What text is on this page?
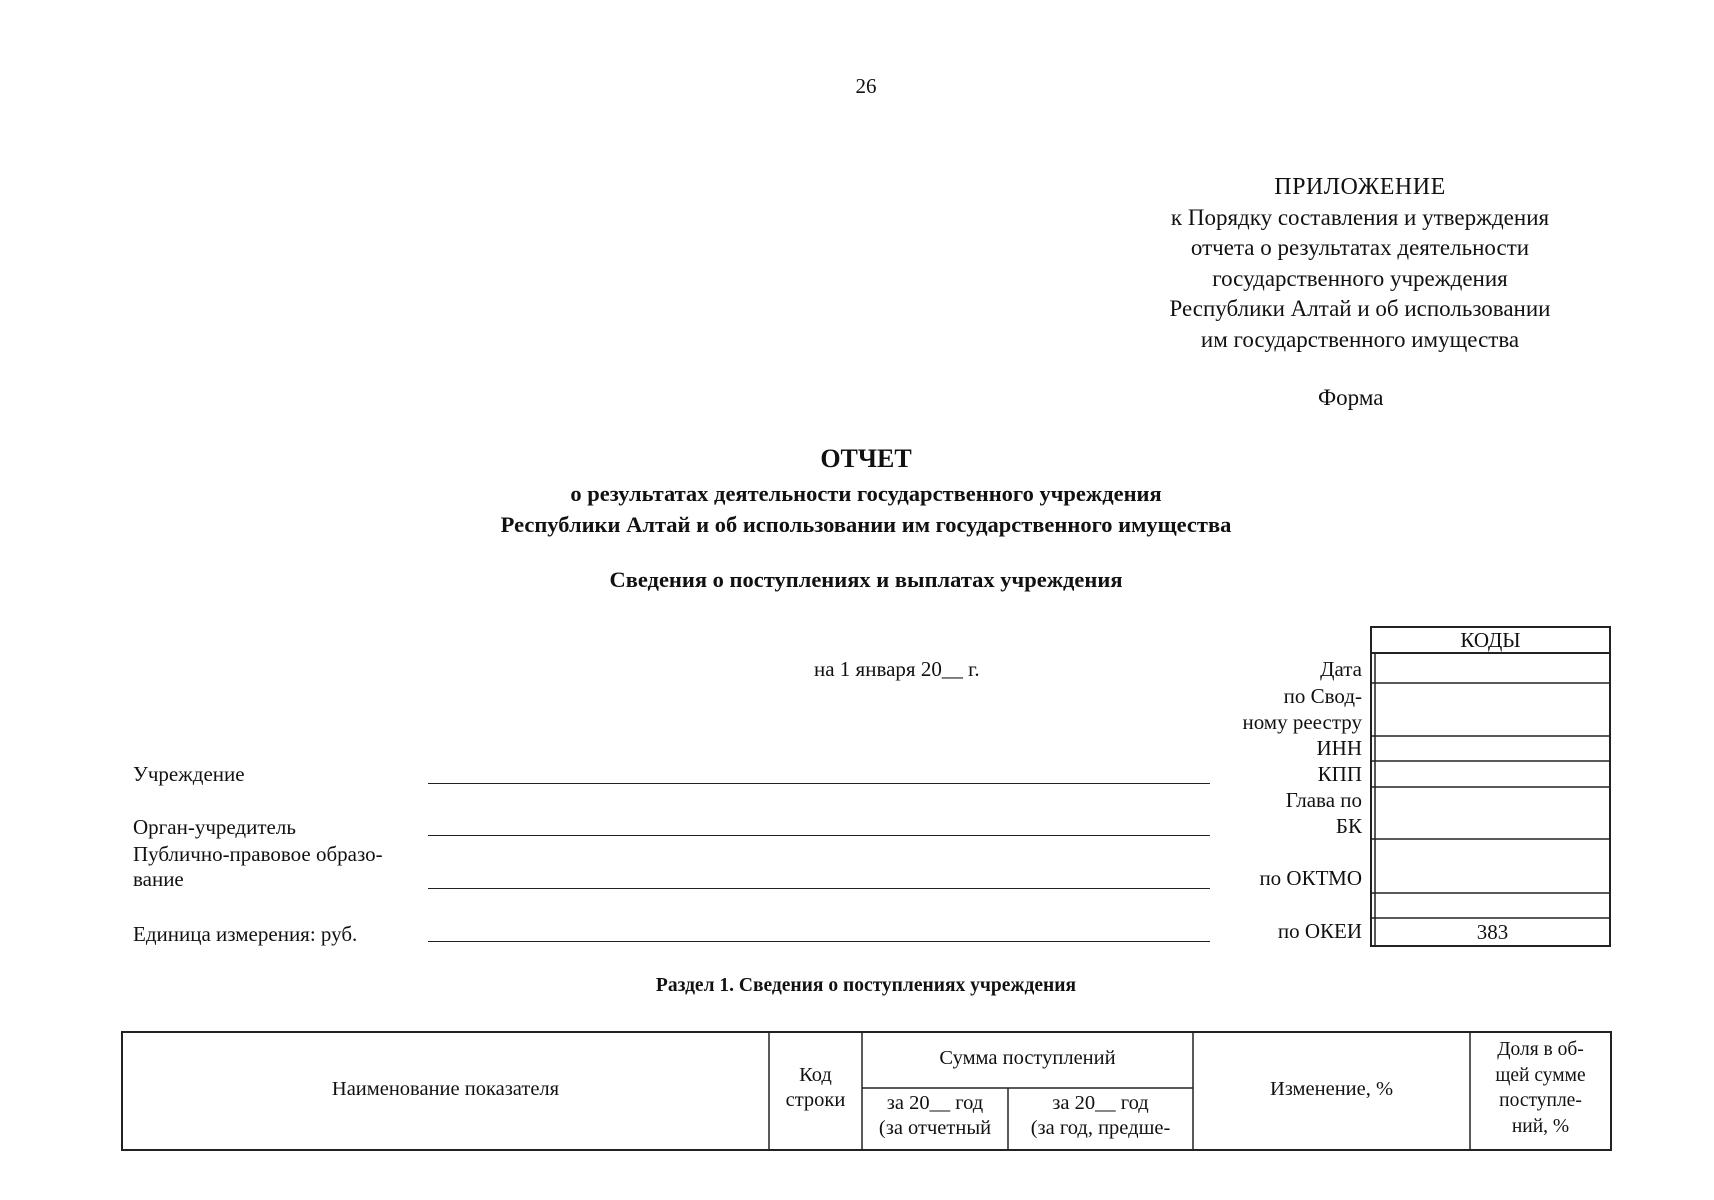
26
ПРИЛОЖЕНИЕ
к Порядку составления и утверждения
отчета о результатах деятельности
государственного учреждения
Республики Алтай и об использовании
им государственного имущества
Форма
ОТЧЕТ
о результатах деятельности государственного учреждения
Республики Алтай и об использовании им государственного имущества
Сведения о поступлениях и выплатах учреждения
на 1 января 20__ г.
КОДЫ
383
Дата
по Свод-
ному реестру
ИНН
КПП
Глава по
БК
по ОКТМО
по ОКЕИ
Учреждение
Орган-учредитель
Публично-правовое образо-
вание
Единица измерения: руб.
Раздел 1. Сведения о поступлениях учреждения
Наименование показателя
Код
строки
Сумма поступлений
за 20__ год
(за отчетный
за 20__ год
(за год, предше-
Изменение, %
Доля в об-
щей сумме
поступле-
ний, %
